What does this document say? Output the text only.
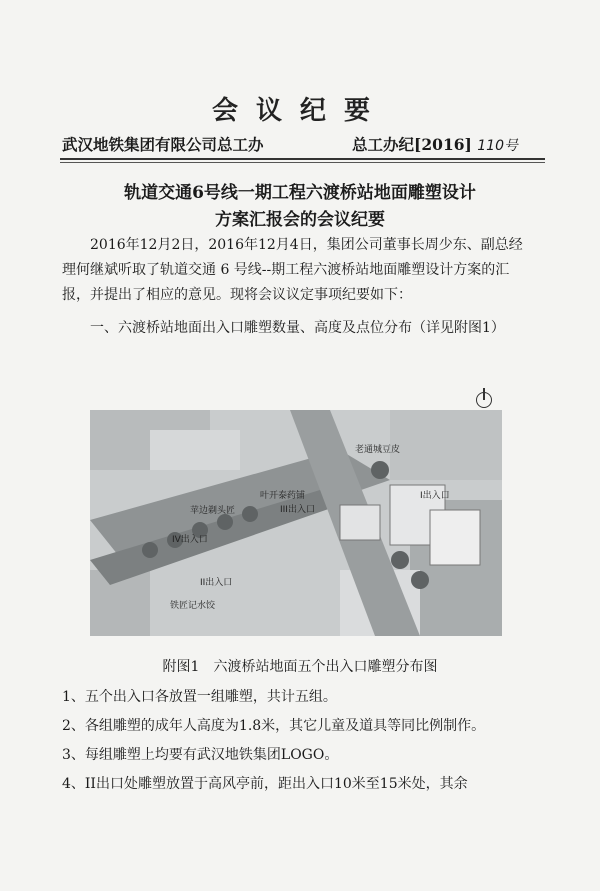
会议纪要
武汉地铁集团有限公司总工办	总工办纪[2016] 110号
轨道交通6号线一期工程六渡桥站地面雕塑设计
方案汇报会的会议纪要
2016年12月2日，2016年12月4日，集团公司董事长周少东、副总经理何继斌听取了轨道交通 6 号线--期工程六渡桥站地面雕塑设计方案的汇报，并提出了相应的意见。现将会议议定事项纪要如下：
一、六渡桥站地面出入口雕塑数量、高度及点位分布（详见附图1）
老通城豆皮
叶开泰药铺
苹边剃头匠	III出入口
IV出入口
II出入口
铁匠记水饺
I出入口
附图1　六渡桥站地面五个出入口雕塑分布图
1、五个出入口各放置一组雕塑，共计五组。
2、各组雕塑的成年人高度为1.8米，其它儿童及道具等同比例制作。
3、每组雕塑上均要有武汉地铁集团LOGO。
4、II出口处雕塑放置于高风亭前，距出入口10米至15米处，其余
